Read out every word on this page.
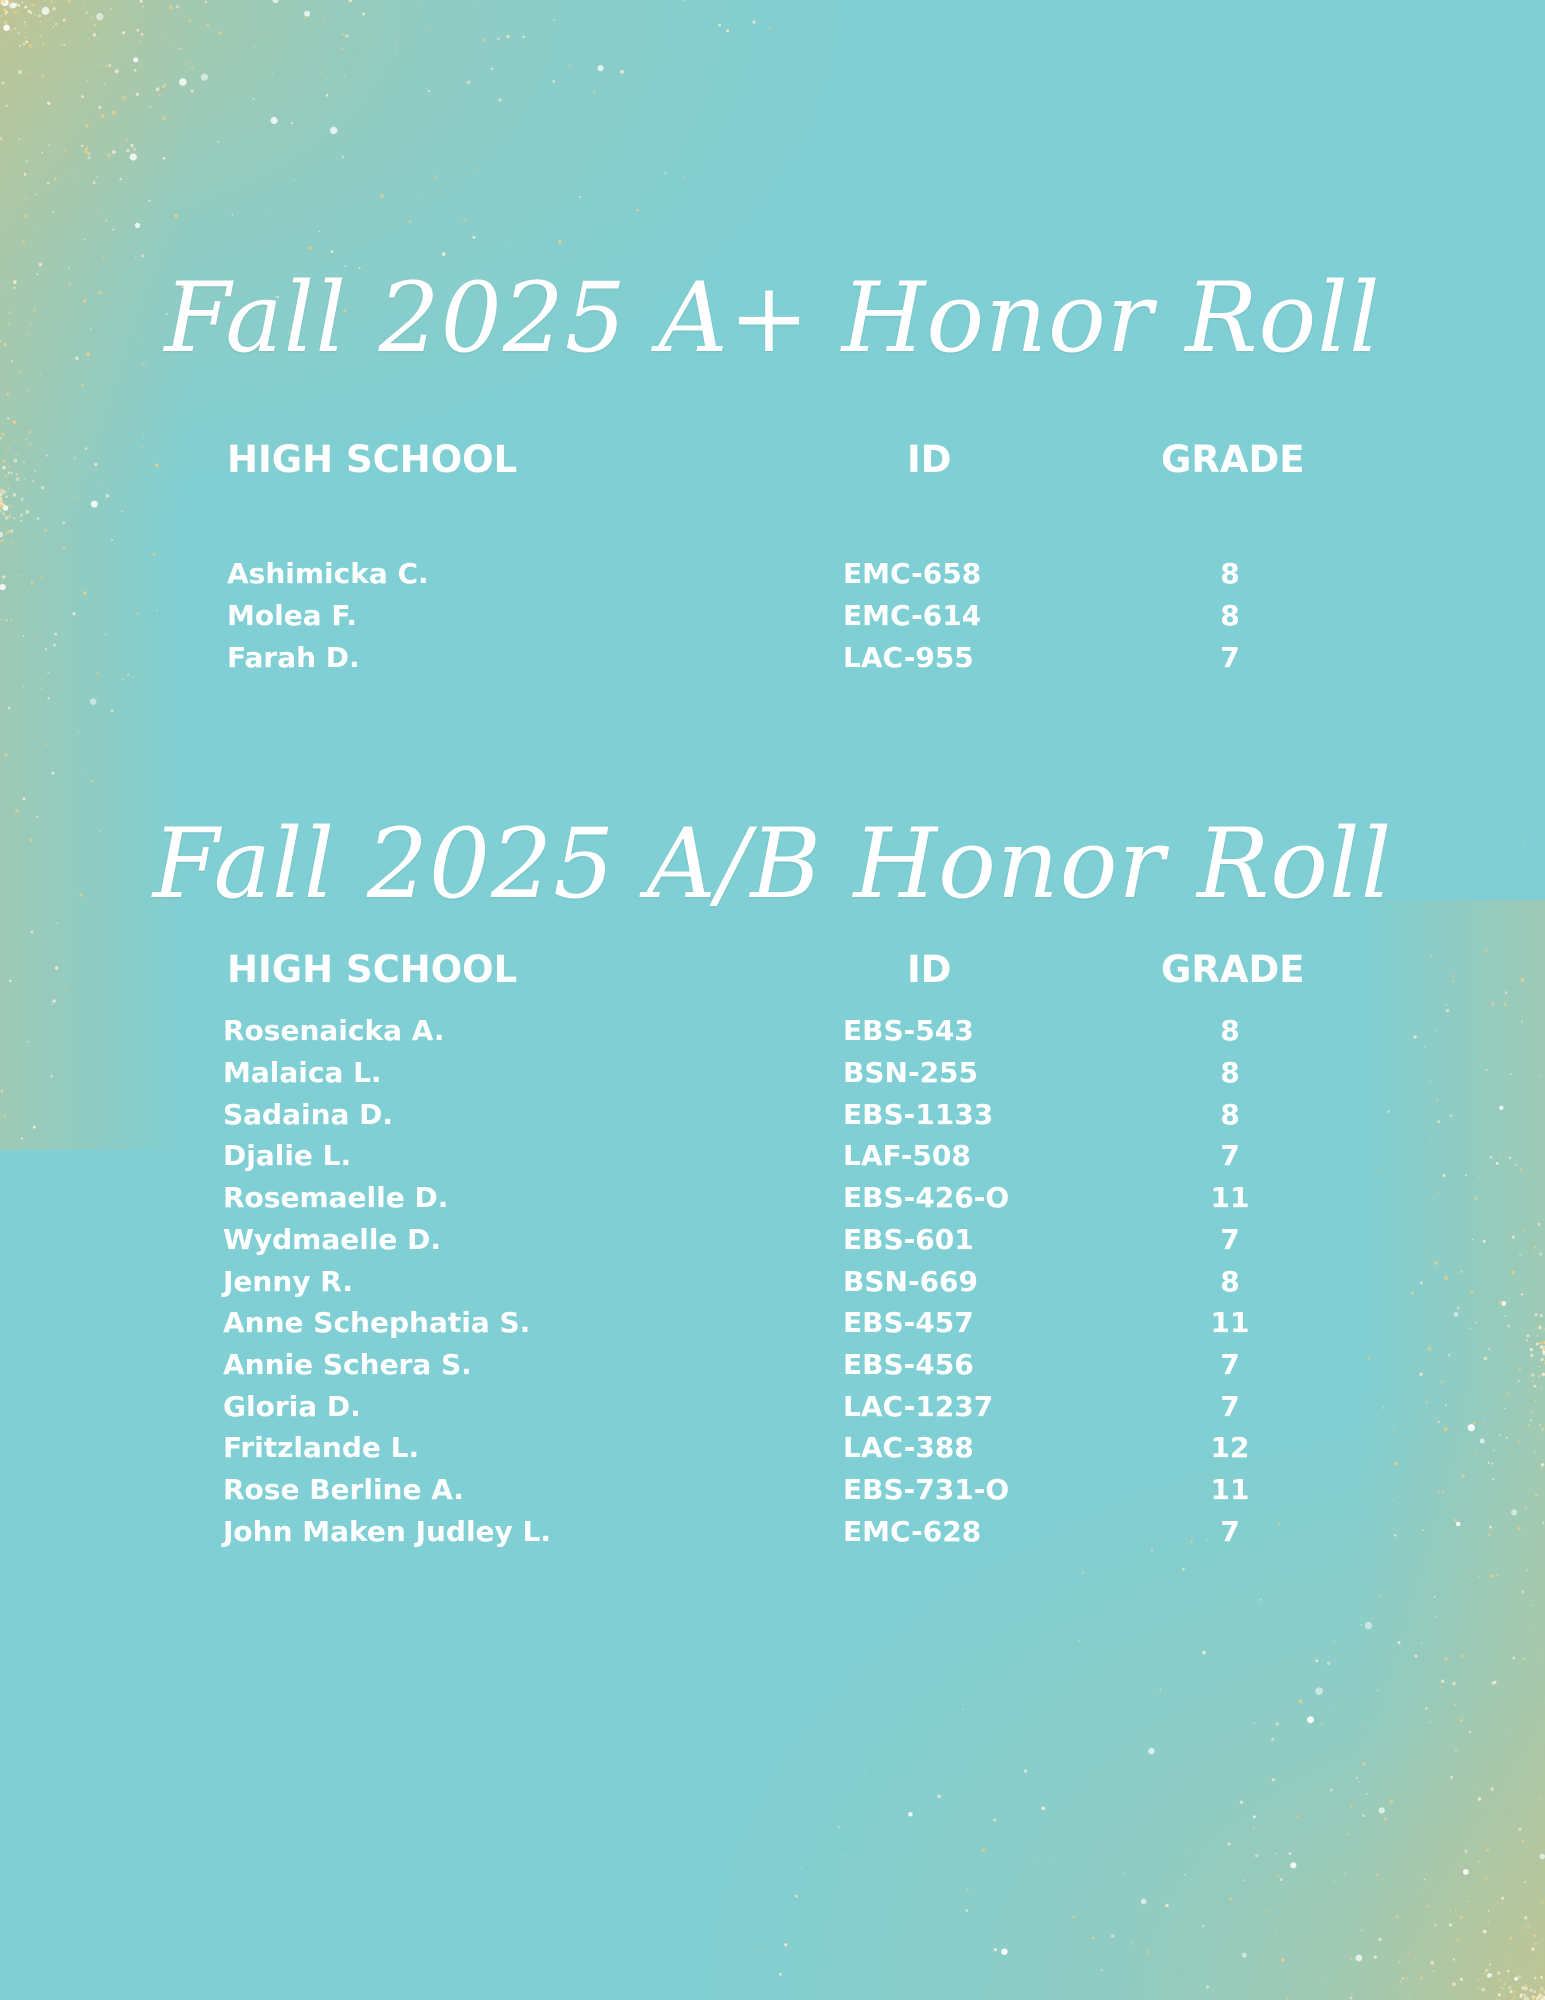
Fall 2025 A+ Honor Roll
HIGH SCHOOL	ID	GRADE
Ashimicka C.	EMC-658	8
Molea F.	EMC-614	8
Farah D.	LAC-955	7
Fall 2025 A/B Honor Roll
HIGH SCHOOL	ID	GRADE
Rosenaicka A.	EBS-543	8
Malaica L.	BSN-255	8
Sadaina D.	EBS-1133	8
Djalie L.	LAF-508	7
Rosemaelle D.	EBS-426-O	11
Wydmaelle D.	EBS-601	7
Jenny R.	BSN-669	8
Anne Schephatia S.	EBS-457	11
Annie Schera S.	EBS-456	7
Gloria D.	LAC-1237	7
Fritzlande L.	LAC-388	12
Rose Berline A.	EBS-731-O	11
John Maken Judley L.	EMC-628	7
